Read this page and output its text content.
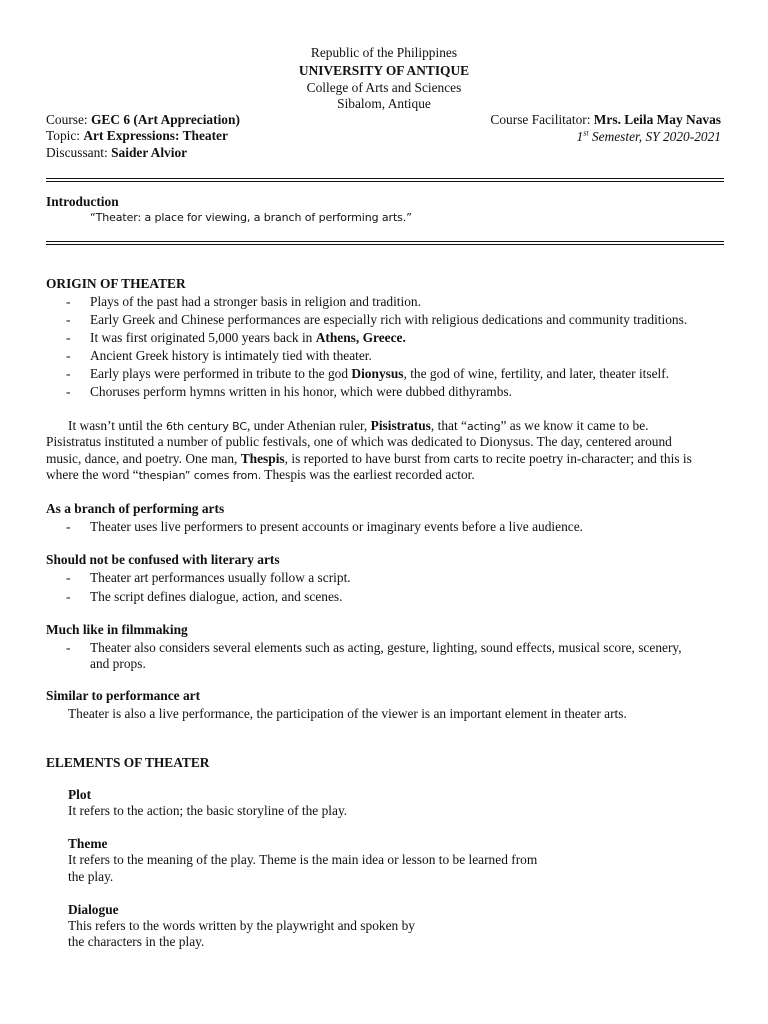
Republic of the Philippines
UNIVERSITY OF ANTIQUE
College of Arts and Sciences
Sibalom, Antique
Course: GEC 6 (Art Appreciation)
Topic: Art Expressions: Theater
Discussant: Saider Alvior
Course Facilitator: Mrs. Leila May Navas
1st Semester, SY 2020-2021
Introduction
“Theater: a place for viewing, a branch of performing arts.”
ORIGIN OF THEATER
- Plays of the past had a stronger basis in religion and tradition.
- Early Greek and Chinese performances are especially rich with religious dedications and community traditions.
- It was first originated 5,000 years back in Athens, Greece.
- Ancient Greek history is intimately tied with theater.
- Early plays were performed in tribute to the god Dionysus, the god of wine, fertility, and later, theater itself.
- Choruses perform hymns written in his honor, which were dubbed dithyrambs.
It wasn’t until the 6th century BC, under Athenian ruler, Pisistratus, that “acting” as we know it came to be.
Pisistratus instituted a number of public festivals, one of which was dedicated to Dionysus. The day, centered around
music, dance, and poetry. One man, Thespis, is reported to have burst from carts to recite poetry in-character; and this is
where the word “thespian” comes from. Thespis was the earliest recorded actor.
As a branch of performing arts
- Theater uses live performers to present accounts or imaginary events before a live audience.
Should not be confused with literary arts
- Theater art performances usually follow a script.
- The script defines dialogue, action, and scenes.
Much like in filmmaking
- Theater also considers several elements such as acting, gesture, lighting, sound effects, musical score, scenery,
and props.
Similar to performance art
Theater is also a live performance, the participation of the viewer is an important element in theater arts.
ELEMENTS OF THEATER
Plot
It refers to the action; the basic storyline of the play.
Theme
It refers to the meaning of the play. Theme is the main idea or lesson to be learned from
the play.
Dialogue
This refers to the words written by the playwright and spoken by
the characters in the play.
